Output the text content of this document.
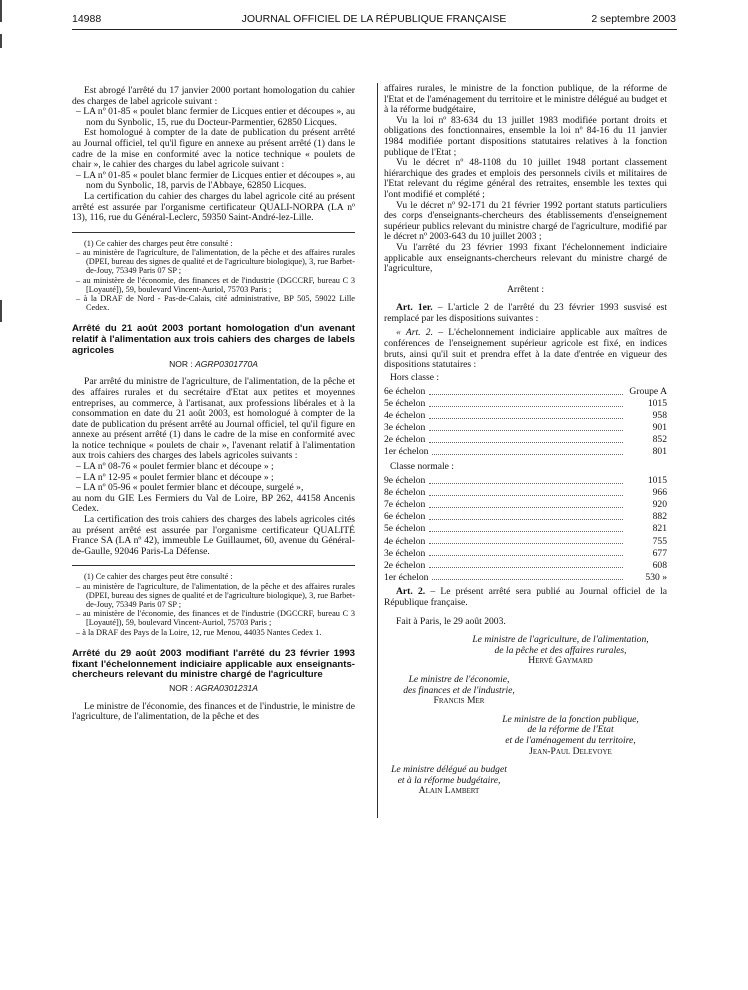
14988	JOURNAL OFFICIEL DE LA RÉPUBLIQUE FRANÇAISE	2 septembre 2003

Est abrogé l'arrêté du 17 janvier 2000 portant homologation du cahier des charges de label agricole suivant :

– LA nº 01-85 « poulet blanc fermier de Licques entier et découpes », au nom du Synbolic, 15, rue du Docteur-Parmentier, 62850 Licques.

Est homologué à compter de la date de publication du présent arrêté au Journal officiel, tel qu'il figure en annexe au présent arrêté (1) dans le cadre de la mise en conformité avec la notice technique « poulets de chair », le cahier des charges du label agricole suivant :

– LA nº 01-85 « poulet blanc fermier de Licques entier et découpes », au nom du Synbolic, 18, parvis de l'Abbaye, 62850 Licques.

La certification du cahier des charges du label agricole cité au présent arrêté est assurée par l'organisme certificateur QUALI-NORPA (LA nº 13), 116, rue du Général-Leclerc, 59350 Saint-André-lez-Lille.

(1) Ce cahier des charges peut être consulté :

– au ministère de l'agriculture, de l'alimentation, de la pêche et des affaires rurales (DPEI, bureau des signes de qualité et de l'agriculture biologique), 3, rue Barbet-de-Jouy, 75349 Paris 07 SP ;

– au ministère de l'économie, des finances et de l'industrie (DGCCRF, bureau C 3 [Loyauté]), 59, boulevard Vincent-Auriol, 75703 Paris ;

– à la DRAF de Nord - Pas-de-Calais, cité administrative, BP 505, 59022 Lille Cedex.

Arrêté du 21 août 2003 portant homologation d'un avenant relatif à l'alimentation aux trois cahiers des charges de labels agricoles

NOR : AGRP0301770A

Par arrêté du ministre de l'agriculture, de l'alimentation, de la pêche et des affaires rurales et du secrétaire d'Etat aux petites et moyennes entreprises, au commerce, à l'artisanat, aux professions libérales et à la consommation en date du 21 août 2003, est homologué à compter de la date de publication du présent arrêté au Journal officiel, tel qu'il figure en annexe au présent arrêté (1) dans le cadre de la mise en conformité avec la notice technique « poulets de chair », l'avenant relatif à l'alimentation aux trois cahiers des charges des labels agricoles suivants :

– LA nº 08-76 « poulet fermier blanc et découpe » ;

– LA nº 12-95 « poulet fermier blanc et découpe » ;

– LA nº 05-96 « poulet fermier blanc et découpe, surgelé »,

au nom du GIE Les Fermiers du Val de Loire, BP 262, 44158 Ancenis Cedex.

La certification des trois cahiers des charges des labels agricoles cités au présent arrêté est assurée par l'organisme certificateur QUALITÉ France SA (LA nº 42), immeuble Le Guillaumet, 60, avenue du Général-de-Gaulle, 92046 Paris-La Défense.

(1) Ce cahier des charges peut être consulté :

– au ministère de l'agriculture, de l'alimentation, de la pêche et des affaires rurales (DPEI, bureau des signes de qualité et de l'agriculture biologique), 3, rue Barbet-de-Jouy, 75349 Paris 07 SP ;

– au ministère de l'économie, des finances et de l'industrie (DGCCRF, bureau C 3 [Loyauté]), 59, boulevard Vincent-Auriol, 75703 Paris ;

– à la DRAF des Pays de la Loire, 12, rue Menou, 44035 Nantes Cedex 1.

Arrêté du 29 août 2003 modifiant l'arrêté du 23 février 1993 fixant l'échelonnement indiciaire applicable aux enseignants-chercheurs relevant du ministre chargé de l'agriculture

NOR : AGRA0301231A

Le ministre de l'économie, des finances et de l'industrie, le ministre de l'agriculture, de l'alimentation, de la pêche et des

affaires rurales, le ministre de la fonction publique, de la réforme de l'Etat et de l'aménagement du territoire et le ministre délégué au budget et à la réforme budgétaire,

Vu la loi nº 83-634 du 13 juillet 1983 modifiée portant droits et obligations des fonctionnaires, ensemble la loi nº 84-16 du 11 janvier 1984 modifiée portant dispositions statutaires relatives à la fonction publique de l'Etat ;

Vu le décret nº 48-1108 du 10 juillet 1948 portant classement hiérarchique des grades et emplois des personnels civils et militaires de l'Etat relevant du régime général des retraites, ensemble les textes qui l'ont modifié et complété ;

Vu le décret nº 92-171 du 21 février 1992 portant statuts particuliers des corps d'enseignants-chercheurs des établissements d'enseignement supérieur publics relevant du ministre chargé de l'agriculture, modifié par le décret nº 2003-643 du 10 juillet 2003 ;

Vu l'arrêté du 23 février 1993 fixant l'échelonnement indiciaire applicable aux enseignants-chercheurs relevant du ministre chargé de l'agriculture,

Arrêtent :

Art. 1er. – L'article 2 de l'arrêté du 23 février 1993 susvisé est remplacé par les dispositions suivantes :

« Art. 2. – L'échelonnement indiciaire applicable aux maîtres de conférences de l'enseignement supérieur agricole est fixé, en indices bruts, ainsi qu'il suit et prendra effet à la date d'entrée en vigueur des dispositions statutaires :

Hors classe :

6e échelon	Groupe A
5e échelon	1015
4e échelon	958
3e échelon	901
2e échelon	852
1er échelon	801

Classe normale :

9e échelon	1015
8e échelon	966
7e échelon	920
6e échelon	882
5e échelon	821
4e échelon	755
3e échelon	677
2e échelon	608
1er échelon	530 »

Art. 2. – Le présent arrêté sera publié au Journal officiel de la République française.

Fait à Paris, le 29 août 2003.

Le ministre de l'agriculture, de l'alimentation,
de la pêche et des affaires rurales,
Hervé Gaymard
Le ministre de l'économie,
des finances et de l'industrie,
Francis Mer
Le ministre de la fonction publique,
de la réforme de l'Etat
et de l'aménagement du territoire,
Jean-Paul Delevoye
Le ministre délégué au budget
et à la réforme budgétaire,
Alain Lambert
